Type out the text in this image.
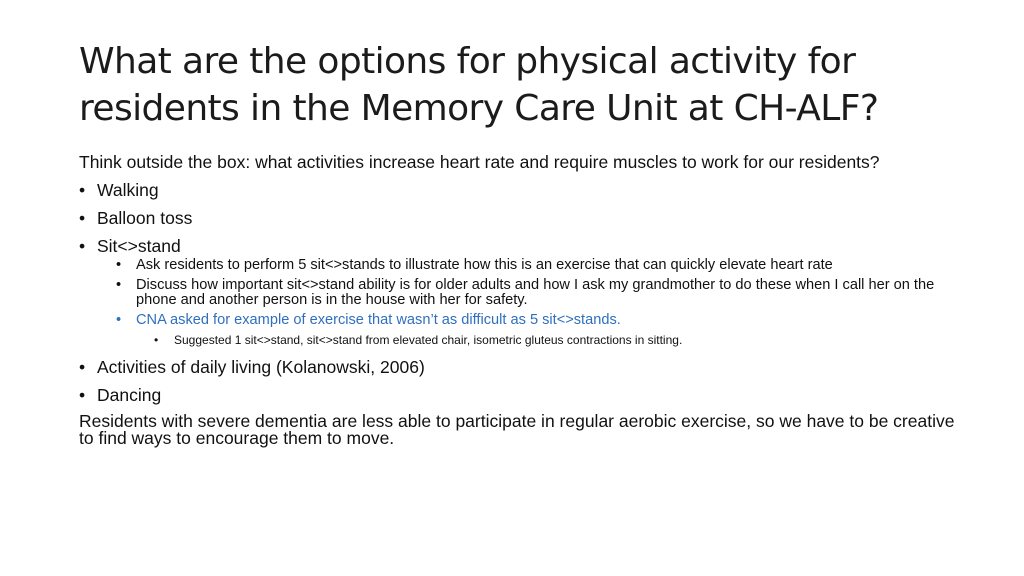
What are the options for physical activity for residents in the Memory Care Unit at CH-ALF?

Think outside the box: what activities increase heart rate and require muscles to work for our residents?

• Walking
• Balloon toss
• Sit<>stand
• Ask residents to perform 5 sit<>stands to illustrate how this is an exercise that can quickly elevate heart rate
• Discuss how important sit<>stand ability is for older adults and how I ask my grandmother to do these when I call her on the phone and another person is in the house with her for safety.
• CNA asked for example of exercise that wasn’t as difficult as 5 sit<>stands.
• Suggested 1 sit<>stand, sit<>stand from elevated chair, isometric gluteus contractions in sitting.
• Activities of daily living (Kolanowski, 2006)
• Dancing

Residents with severe dementia are less able to participate in regular aerobic exercise, so we have to be creative to find ways to encourage them to move.
